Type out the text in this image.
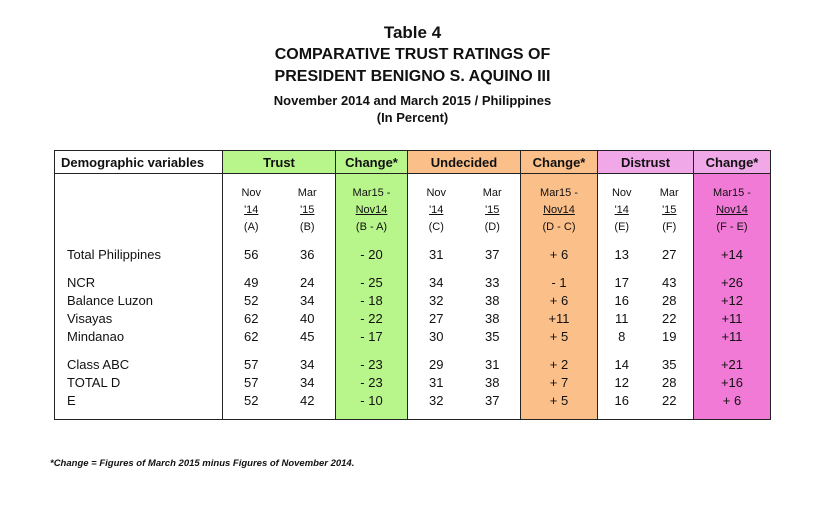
Table 4
COMPARATIVE TRUST RATINGS OF
PRESIDENT BENIGNO S. AQUINO III
November 2014 and March 2015 / Philippines
(In Percent)
Demographic variables	Trust		Change*	Undecided		Change*	Distrust		Change*

	Nov	Mar	Mar15 -	Nov	Mar	Mar15 -	Nov	Mar	Mar15 -
	'14	'15	Nov14	'14	'15	Nov14	'14	'15	Nov14
	(A)	(B)	(B - A)	(C)	(D)	(D - C)	(E)	(F)	(F - E)

Total Philippines	56	36	- 20	31	37	+ 6	13	27	+14

NCR	49	24	- 25	34	33	- 1	17	43	+26
Balance Luzon	52	34	- 18	32	38	+ 6	16	28	+12
Visayas	62	40	- 22	27	38	+11	11	22	+11
Mindanao	62	45	- 17	30	35	+ 5	8	19	+11

Class ABC	57	34	- 23	29	31	+ 2	14	35	+21
TOTAL D	57	34	- 23	31	38	+ 7	12	28	+16
E	52	42	- 10	32	37	+ 5	16	22	+ 6

*Change = Figures of March 2015 minus Figures of November 2014.
